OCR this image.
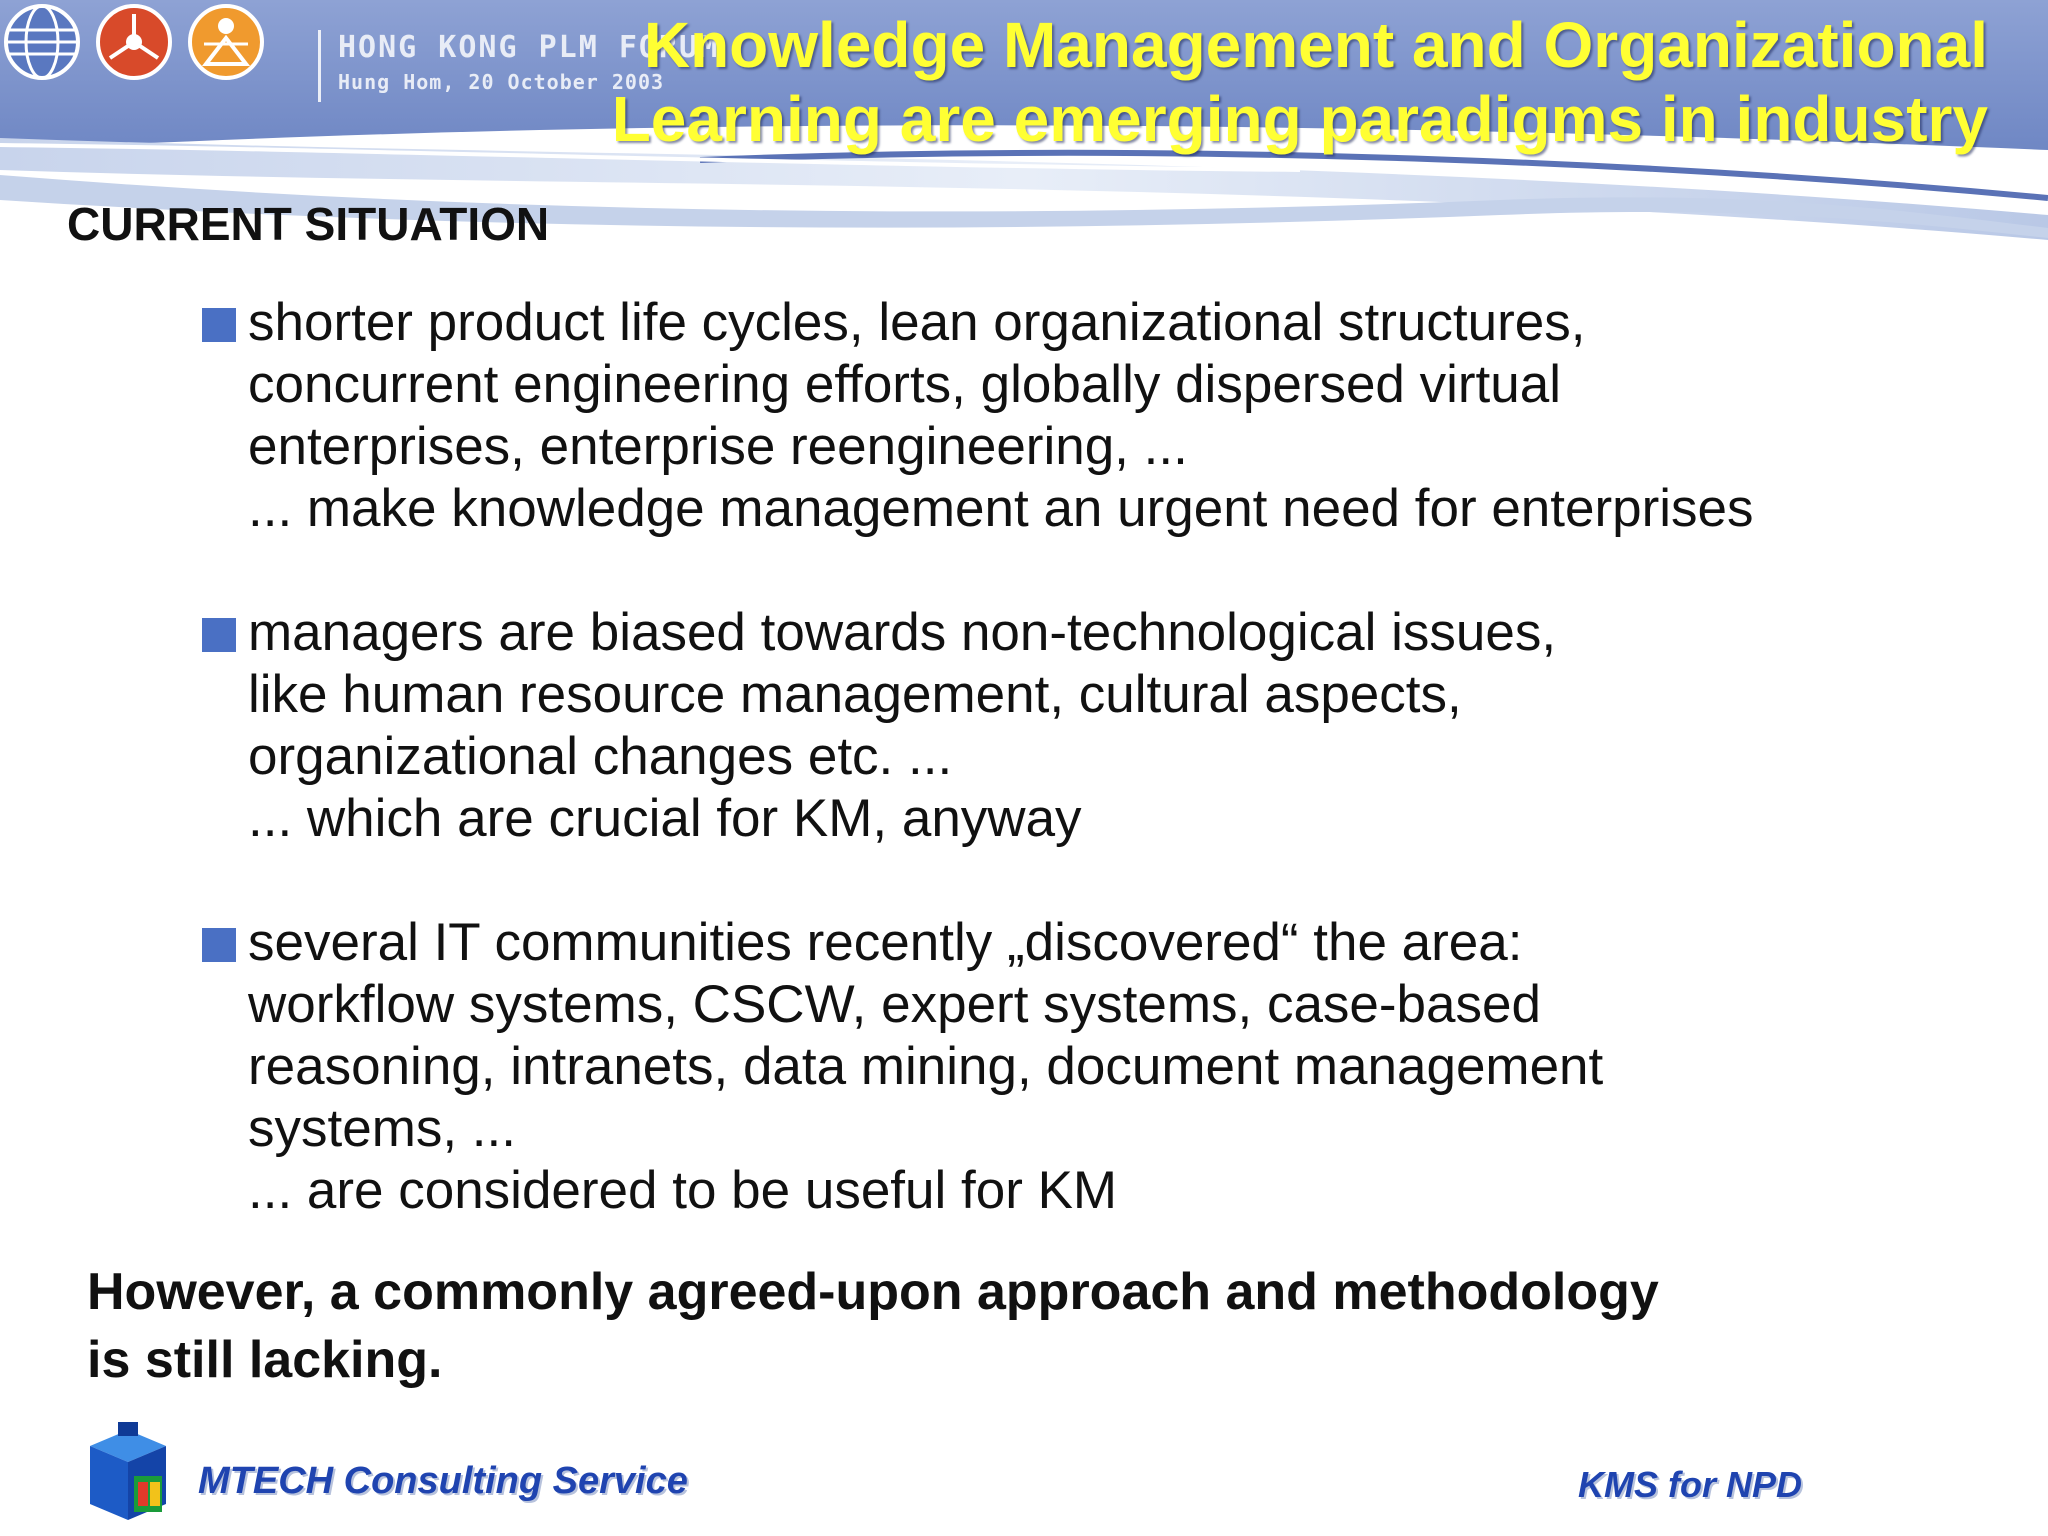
HONG KONG PLM FORUM
Hung Hom, 20 October 2003
Knowledge Management and Organizational
Learning are emerging paradigms in industry
CURRENT SITUATION
shorter product life cycles, lean organizational structures,
concurrent engineering efforts, globally dispersed virtual
enterprises, enterprise reengineering, ...
... make knowledge management an urgent need for enterprises
managers are biased towards non-technological issues,
like human resource management, cultural aspects,
organizational changes etc. ...
... which are crucial for KM, anyway
several IT communities recently „discovered“ the area:
workflow systems, CSCW, expert systems, case-based
reasoning, intranets, data mining, document management
systems, ...
... are considered to be useful for KM

However, a commonly agreed-upon approach and methodology
is still lacking.

MTECH Consulting Service	KMS for NPD
